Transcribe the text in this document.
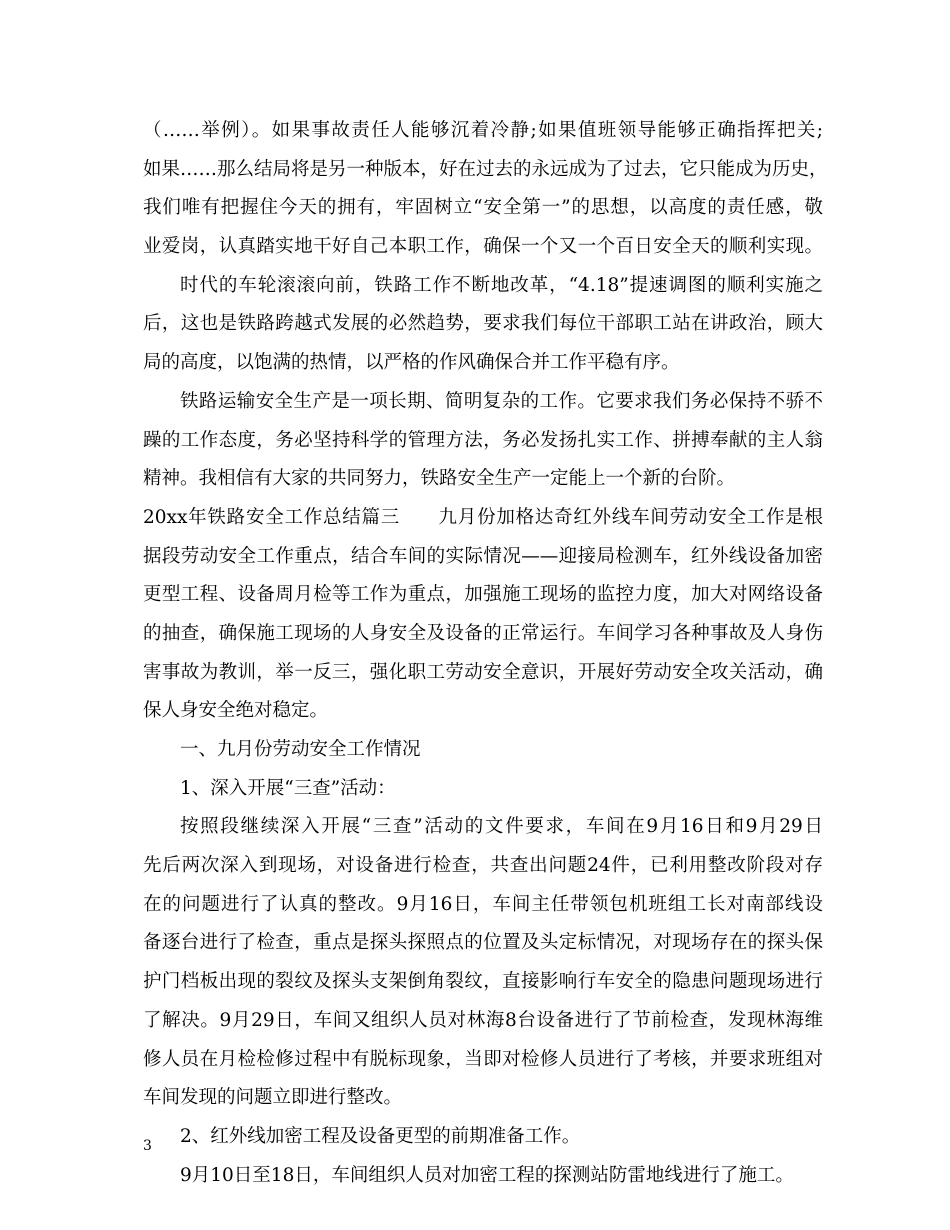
（……举例）。如果事故责任人能够沉着冷静;如果值班领导能够正确指挥把关;
如果……那么结局将是另一种版本，好在过去的永远成为了过去，它只能成为历史，
我们唯有把握住今天的拥有，牢固树立“安全第一”的思想，以高度的责任感，敬
业爱岗，认真踏实地干好自己本职工作，确保一个又一个百日安全天的顺利实现。
时代的车轮滚滚向前，铁路工作不断地改革，“4.18”提速调图的顺利实施之
后，这也是铁路跨越式发展的必然趋势，要求我们每位干部职工站在讲政治，顾大
局的高度，以饱满的热情，以严格的作风确保合并工作平稳有序。
铁路运输安全生产是一项长期、简明复杂的工作。它要求我们务必保持不骄不
躁的工作态度，务必坚持科学的管理方法，务必发扬扎实工作、拼搏奉献的主人翁
精神。我相信有大家的共同努力，铁路安全生产一定能上一个新的台阶。
20xx年铁路安全工作总结篇三　　九月份加格达奇红外线车间劳动安全工作是根
据段劳动安全工作重点，结合车间的实际情况——迎接局检测车，红外线设备加密
更型工程、设备周月检等工作为重点，加强施工现场的监控力度，加大对网络设备
的抽查，确保施工现场的人身安全及设备的正常运行。车间学习各种事故及人身伤
害事故为教训，举一反三，强化职工劳动安全意识，开展好劳动安全攻关活动，确
保人身安全绝对稳定。
一、九月份劳动安全工作情况
1、深入开展“三查”活动：
按照段继续深入开展“三查”活动的文件要求，车间在9月16日和9月29日
先后两次深入到现场，对设备进行检查，共查出问题24件，已利用整改阶段对存
在的问题进行了认真的整改。9月16日，车间主任带领包机班组工长对南部线设
备逐台进行了检查，重点是探头探照点的位置及头定标情况，对现场存在的探头保
护门档板出现的裂纹及探头支架倒角裂纹，直接影响行车安全的隐患问题现场进行
了解决。9月29日，车间又组织人员对林海8台设备进行了节前检查，发现林海维
修人员在月检检修过程中有脱标现象，当即对检修人员进行了考核，并要求班组对
车间发现的问题立即进行整改。
2、红外线加密工程及设备更型的前期准备工作。
9月10日至18日，车间组织人员对加密工程的探测站防雷地线进行了施工。
3
